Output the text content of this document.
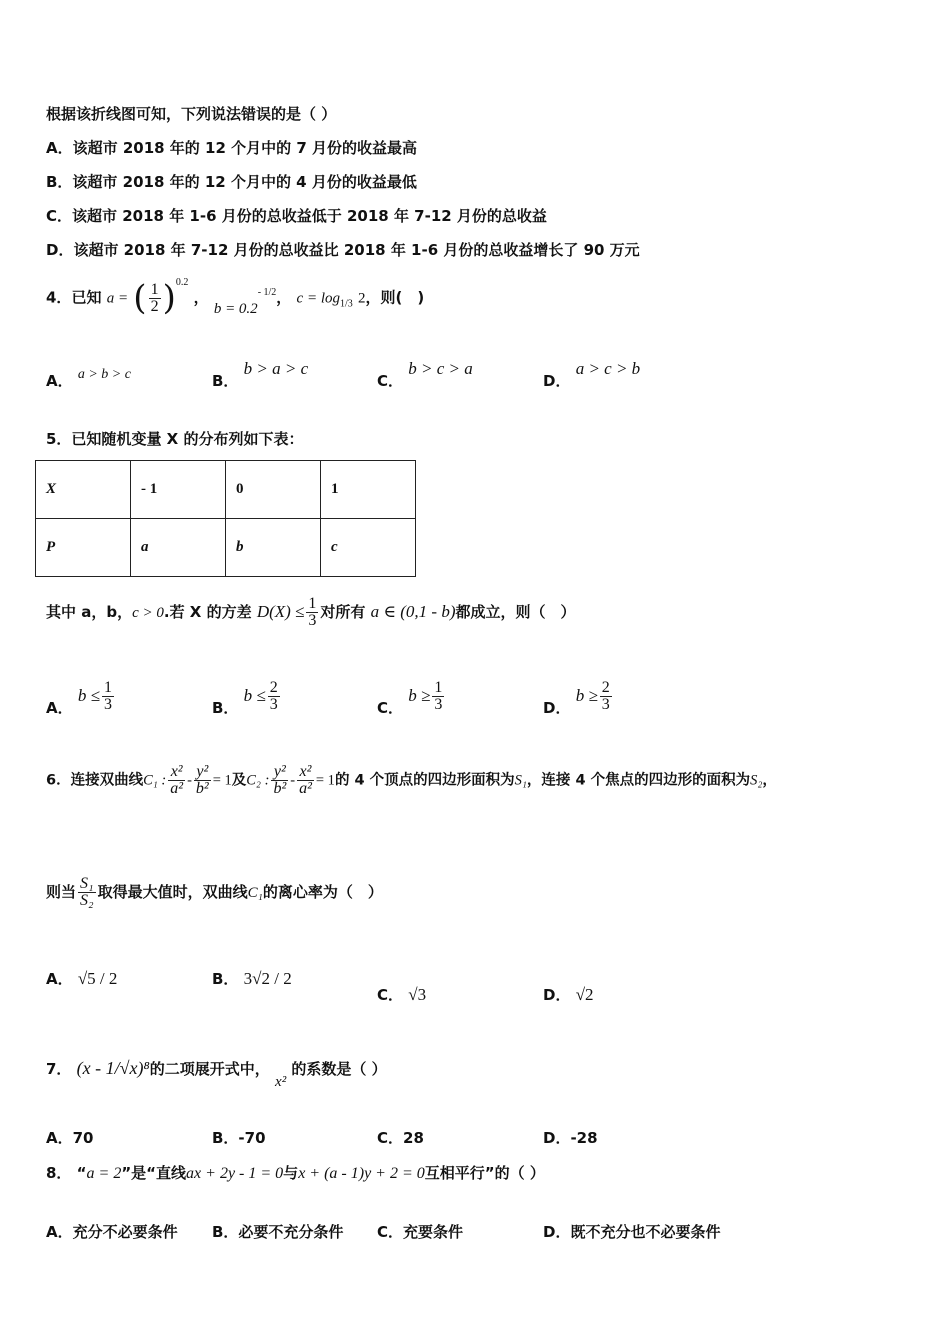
根据该折线图可知，下列说法错误的是（ ）
A．该超市 2018 年的 12 个月中的 7 月份的收益最高
B．该超市 2018 年的 12 个月中的 4 月份的收益最低
C．该超市 2018 年 1-6 月份的总收益低于 2018 年 7-12 月份的总收益
D．该超市 2018 年 7-12 月份的总收益比 2018 年 1-6 月份的总收益增长了 90 万元
4．已知 a = ( $\frac{1}{2} )^{0.2}$ ， $b = 0.2^{- 1/2}$， $c = \log_{1/3} 2$，则(　)
A． a > b > c	B． b > a > c
C． b > c > a
D． a > c > b
5．已知随机变量 X 的分布列如下表：
X	- 1	0	1
P	a	b	c
其中 a，b，c > 0.若 X 的方差 $D(X) \le \frac{1}{3}$ 对所有 a ∈ (0,1 - b)都成立，则（　）
A． $b \le \frac{1}{3}$	B． $b \le \frac{2}{3}$	C． $b \ge \frac{1}{3}$	D． $b \ge \frac{2}{3}$
6．连接双曲线C₁ : $\frac{\text{x²}}{\text{a²}} - \frac{\text{y²}}{\text{b²}} = 1$及C₂ : $\frac{\text{y²}}{\text{b²}} - \frac{\text{x²}}{\text{a²}} = 1$的 4 个顶点的四边形面积为S₁，连接 4 个焦点的四边形的面积为S₂，
则当 $\frac{\text{S₁}}{\text{S₂}}$ 取得最大值时，双曲线C₁的离心率为（　）
A． √5 / 2	B． 3√2 / 2
C． √3	D． √2
7． (x - 1/√x)⁸的二项展开式中， x² 的系数是（ ）
A．70	B．-70	C．28	D．-28
8． “a = 2”是“直线ax + 2y - 1 = 0与x + (a - 1)y + 2 = 0互相平行”的（ ）
A．充分不必要条件 B．必要不充分条件 C．充要条件	D．既不充分也不必要条件
